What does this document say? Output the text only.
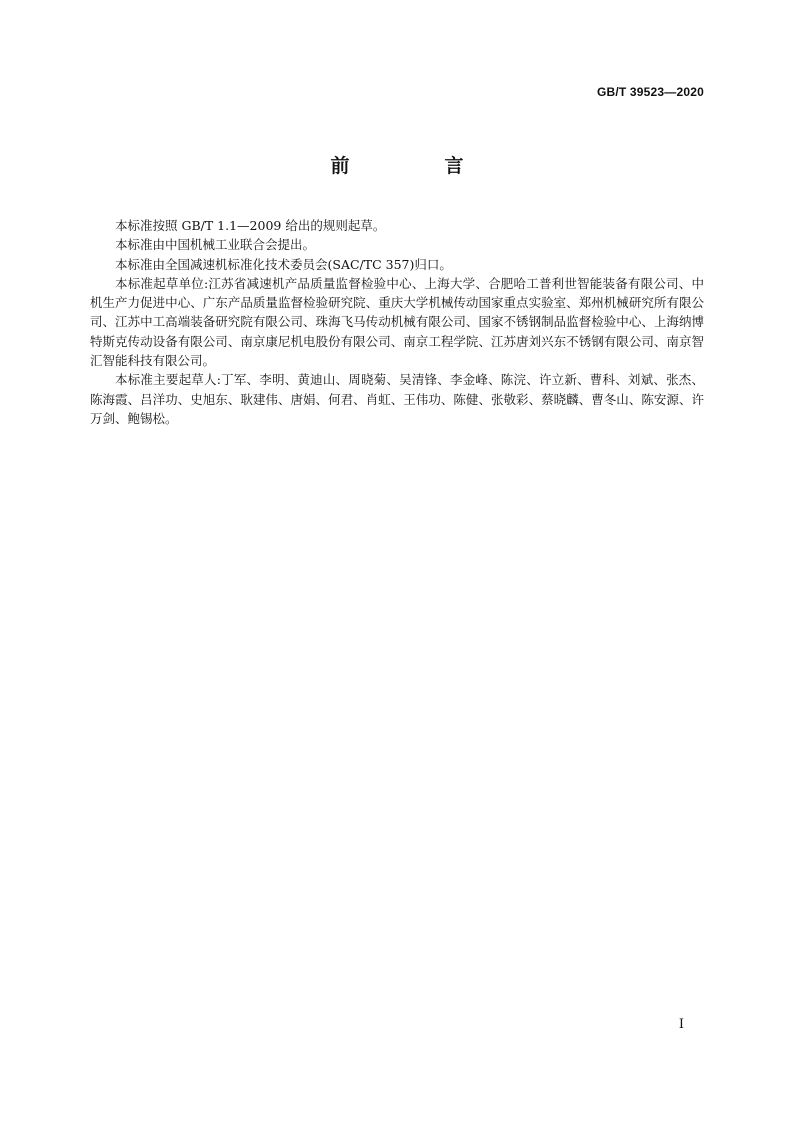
GB/T 39523—2020
前　言

本标准按照 GB/T 1.1—2009 给出的规则起草。

本标准由中国机械工业联合会提出。

本标准由全国减速机标准化技术委员会(SAC/TC 357)归口。

本标准起草单位:江苏省减速机产品质量监督检验中心、上海大学、合肥哈工普利世智能装备有限公司、中机生产力促进中心、广东产品质量监督检验研究院、重庆大学机械传动国家重点实验室、郑州机械研究所有限公司、江苏中工高端装备研究院有限公司、珠海飞马传动机械有限公司、国家不锈钢制品监督检验中心、上海纳博特斯克传动设备有限公司、南京康尼机电股份有限公司、南京工程学院、江苏唐刘兴东不锈钢有限公司、南京智汇智能科技有限公司。

本标准主要起草人:丁军、李明、黄迪山、周晓菊、吴清锋、李金峰、陈浣、许立新、曹科、刘斌、张杰、陈海霞、吕洋功、史旭东、耿建伟、唐娟、何君、肖虹、王伟功、陈健、张敬彩、蔡晓麟、曹冬山、陈安源、许万剑、鲍锡松。

I
